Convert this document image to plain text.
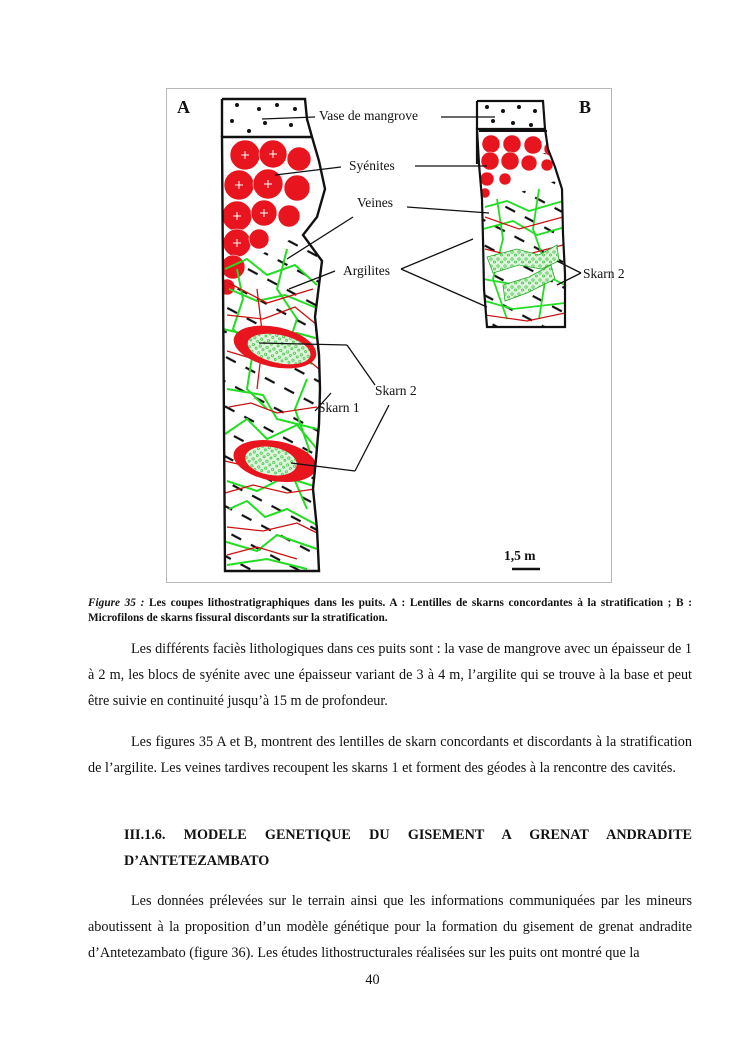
A	B
Vase de mangrove
Syénites
Veines
Argilites
Skarn 2
Skarn 1
Skarn 2
1,5 m
Figure 35 : Les coupes lithostratigraphiques dans les puits. A : Lentilles de skarns concordantes à la stratification ; B : Microfilons de skarns fissural discordants sur la stratification.

Les différents faciès lithologiques dans ces puits sont : la vase de mangrove avec un épaisseur de 1 à 2 m, les blocs de syénite avec une épaisseur variant de 3 à 4 m, l’argilite qui se trouve à la base et peut être suivie en continuité jusqu’à 15 m de profondeur.

Les figures 35 A et B, montrent des lentilles de skarn concordants et discordants à la stratification de l’argilite. Les veines tardives recoupent les skarns 1 et forment des géodes à la rencontre des cavités.

III.1.6. MODELE GENETIQUE DU GISEMENT A GRENAT ANDRADITE D’ANTETEZAMBATO

Les données prélevées sur le terrain ainsi que les informations communiquées par les mineurs aboutissent à la proposition d’un modèle génétique pour la formation du gisement de grenat andradite d’Antetezambato (figure 36). Les études lithostructurales réalisées sur les puits ont montré que la

40
